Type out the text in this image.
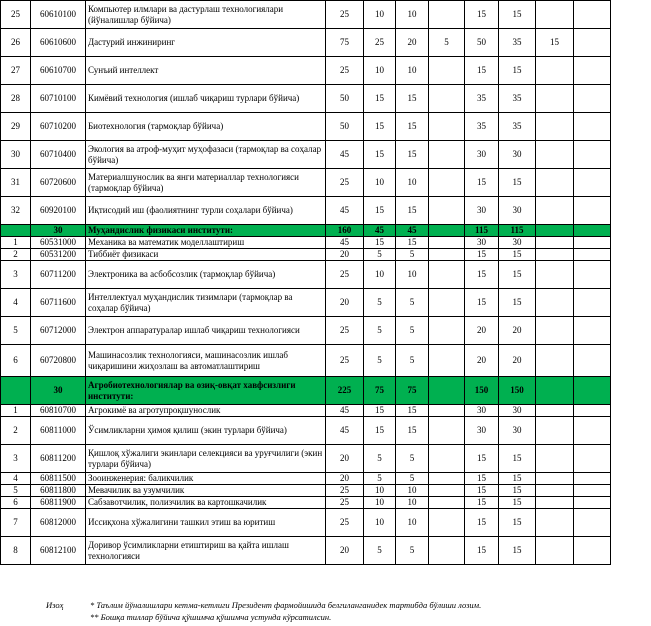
25	60610100	Компьютер илмлари ва дастурлаш технологиялари (йўналишлар бўйича)	25	10	10		15	15		
26	60610600	Дастурий инжиниринг	75	25	20	5	50	35	15	
27	60610700	Сунъий интеллект	25	10	10		15	15		
28	60710100	Кимёвий технология (ишлаб чиқариш турлари бўйича)	50	15	15		35	35		
29	60710200	Биотехнология (тармоқлар бўйича)	50	15	15		35	35		
30	60710400	Экология ва атроф-муҳит муҳофазаси (тармоқлар ва соҳалар бўйича)	45	15	15		30	30		
31	60720600	Материалшунослик ва янги материаллар технологияси (тармоқлар бўйича)	25	10	10		15	15		
32	60920100	Иқтисодий иш (фаолиятнинг турли соҳалари бўйича)	45	15	15		30	30		
	30	Муҳандислик физикаси институти:	160	45	45		115	115		
1	60531000	Механика ва математик моделлаштириш	45	15	15		30	30		
2	60531200	Тиббиёт физикаси	20	5	5		15	15		
3	60711200	Электроника ва асбобсозлик (тармоқлар бўйича)	25	10	10		15	15		
4	60711600	Интеллектуал муҳандислик тизимлари (тармоқлар ва соҳалар бўйича)	20	5	5		15	15		
5	60712000	Электрон аппаратуралар ишлаб чиқариш технологияси	25	5	5		20	20		
6	60720800	Машинасозлик технологияси, машинасозлик ишлаб чиқаришини жиҳозлаш ва автоматлаштириш	25	5	5		20	20		
	30	Агробиотехнологиялар ва озиқ-овқат хавфсизлиги институти:	225	75	75		150	150		
1	60810700	Агрокимё ва агротупроқшунослик	45	15	15		30	30		
2	60811000	Ўсимликларни ҳимоя қилиш (экин турлари бўйича)	45	15	15		30	30		
3	60811200	Қишлоқ хўжалиги экинлари селекцияси ва уруғчилиги (экин турлари бўйича)	20	5	5		15	15		
4	60811500	Зооинженерия: баликчилик	20	5	5		15	15		
5	60811800	Мевачилик ва узумчилик	25	10	10		15	15		
6	60811900	Сабзавотчилик, полизчилик ва картошкачилик	25	10	10		15	15		
7	60812000	Иссиқхона хўжалигини ташкил этиш ва юритиш	25	10	10		15	15		
8	60812100	Доривор ўсимликларни етиштириш ва қайта ишлаш технологияси	20	5	5		15	15		
Изоҳ	* Таълим йўналишлари кетма-кетлиги Президент фармойишида белгиланганидек тартибда бўлиши лозим.
** Бошқа тиллар бўйича қўшимча қўшимча устунда кўрсатилсин.
